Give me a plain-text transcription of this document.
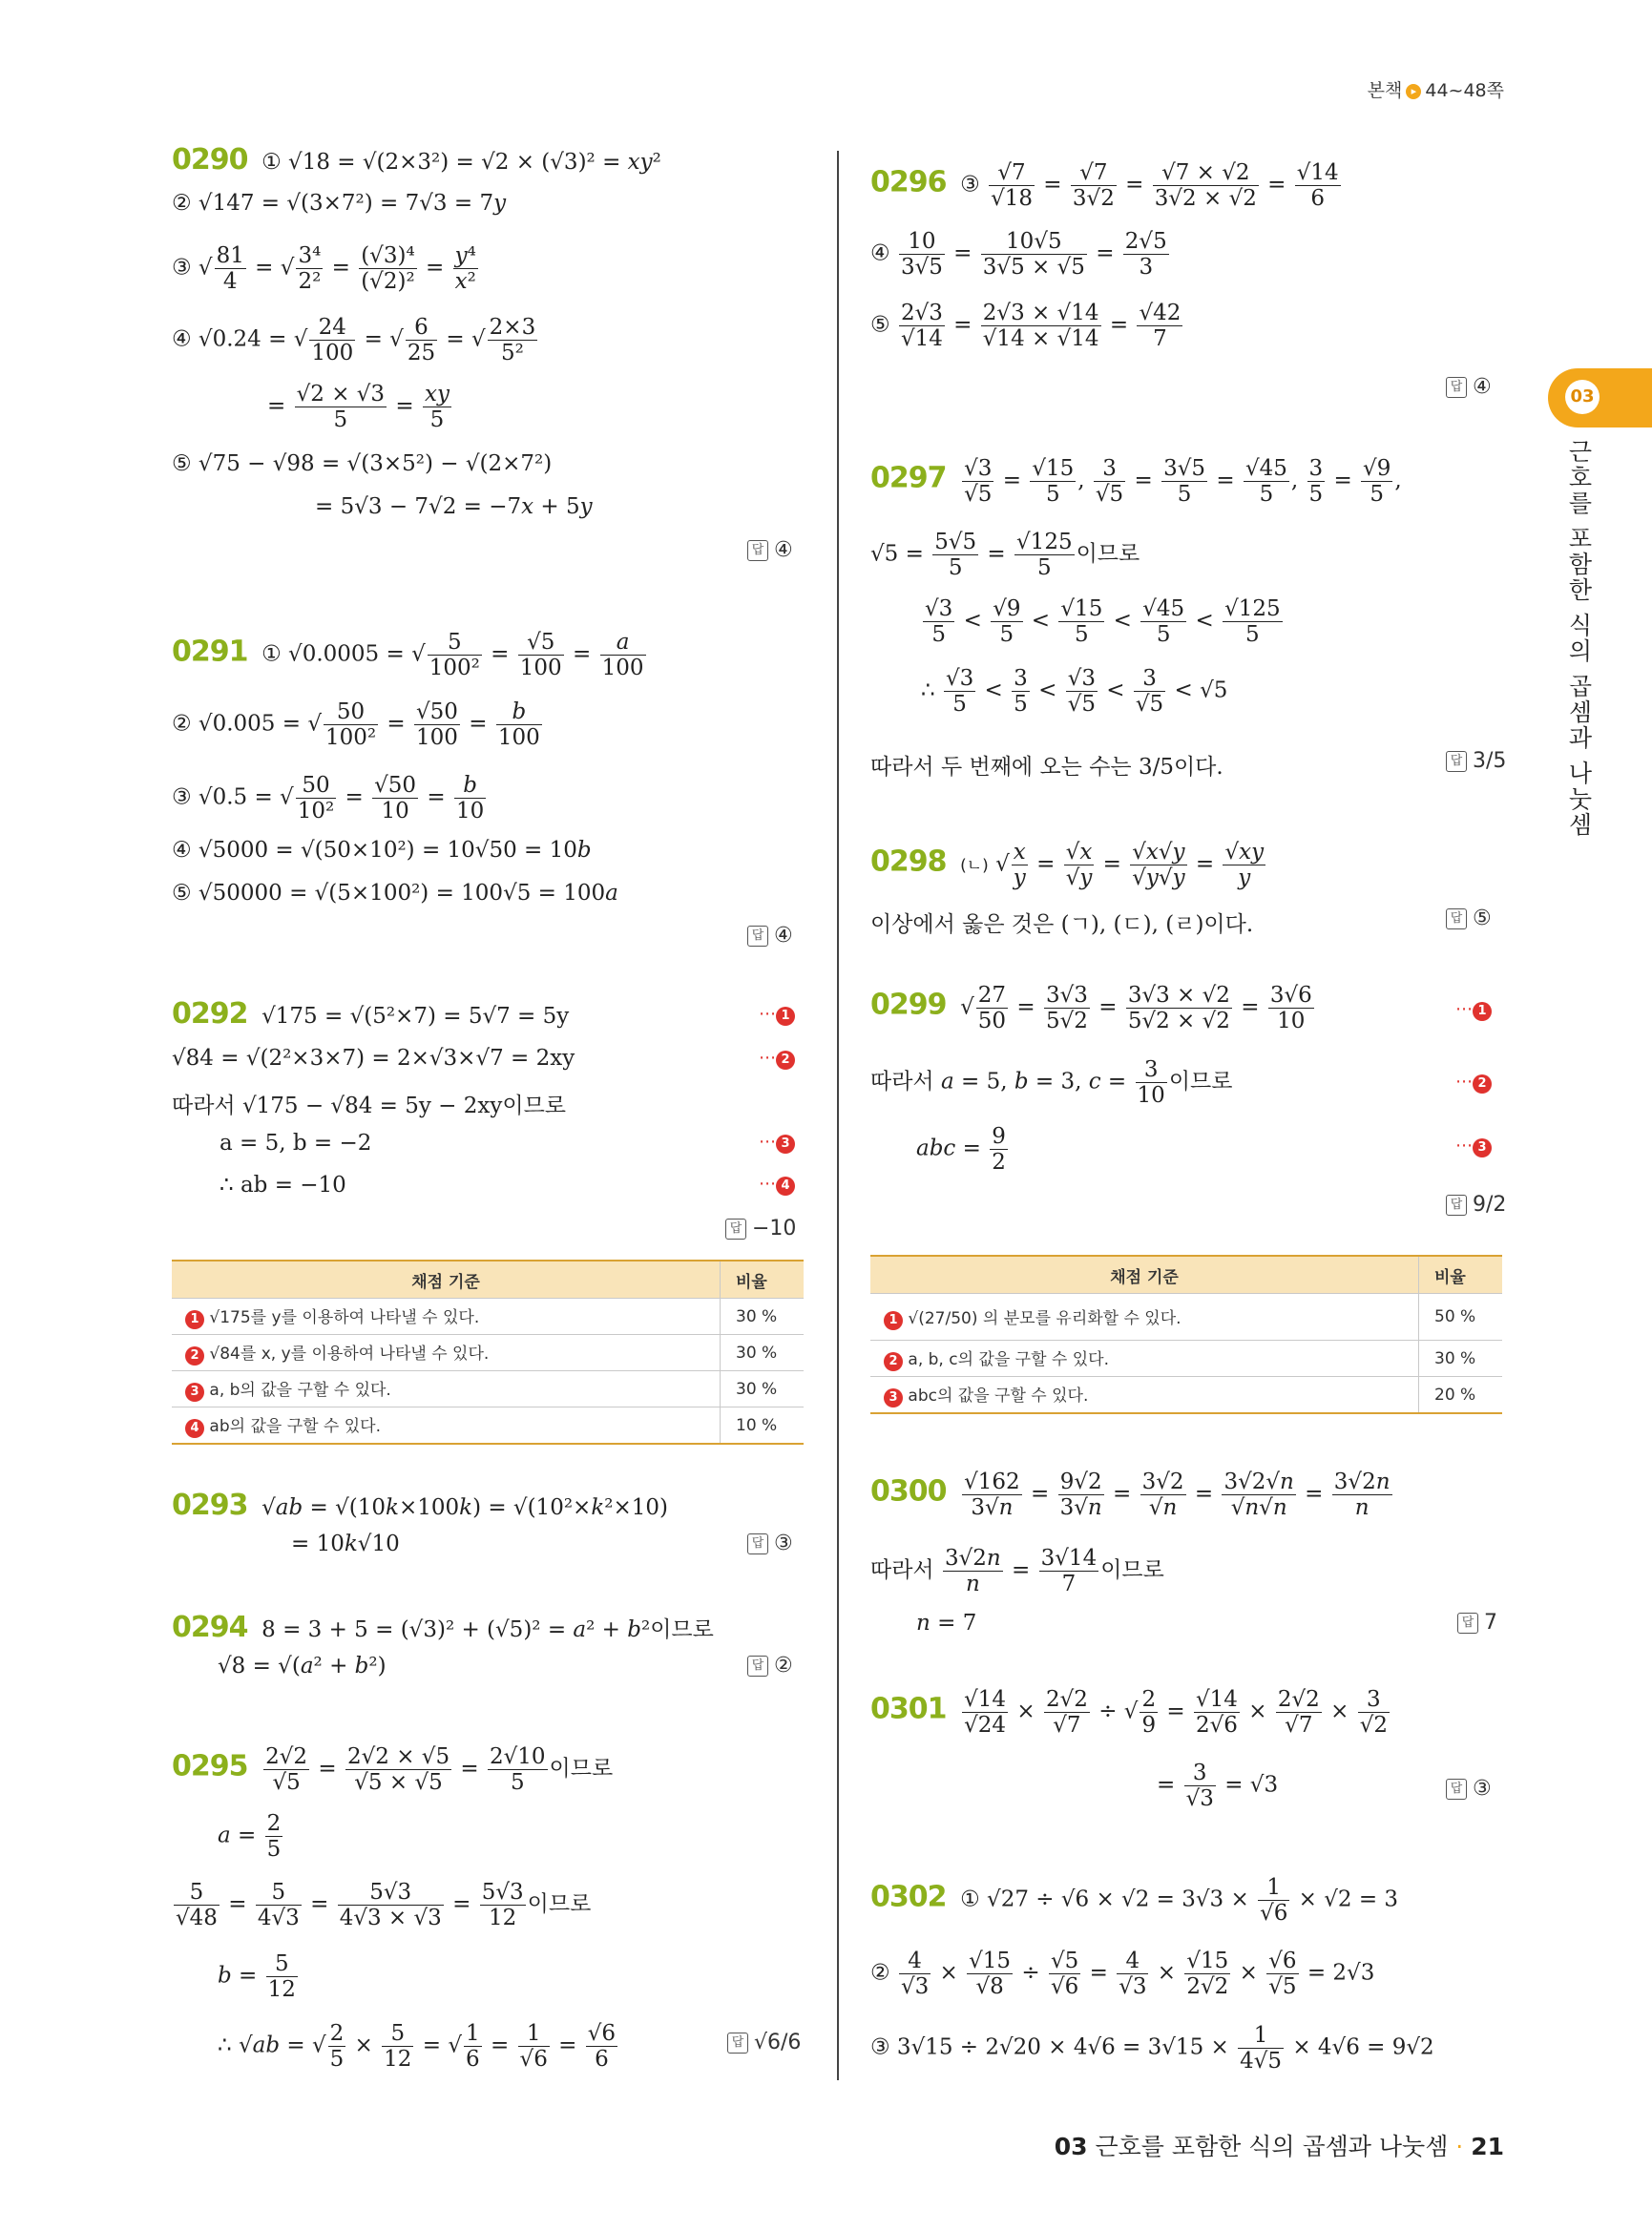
본책 ▸ 44~48쪽
03
근호를 포함한 식의 곱셈과 나눗셈
0290  ① √18 = √(2×3²) = √2 × (√3)² = xy²
② √147 = √(3×7²) = 7√3 = 7y
③ √ $\frac{81}{4}$ = √ $\frac{\text{3⁴}}{\text{2²}} = \frac{\text{(√3)⁴}}{\text{(√2)²}} = \frac{\text{y⁴}}{\text{x²}}$
④ √0.24 = √ $\frac{24}{100}$ = √ $\frac{6}{25}$ = √ $\frac{2\times 3}{\text{5²}}$
= $\frac{√2 \times √3}{5} = \frac{xy}{5}$
⑤ √75 − √98 = √(3×5²) − √(2×7²)
= 5√3 − 7√2 = −7x + 5y
답 ④
0291  ① √0.0005 = √ $\frac{5}{\text{100²}} = \frac{√5}{100} = \frac{a}{100}$
② √0.005 = √ $\frac{50}{\text{100²}} = \frac{√50}{100} = \frac{b}{100}$
③ √0.5 = √ $\frac{50}{\text{10²}} = \frac{√50}{10} = \frac{b}{10}$
④ √5000 = √(50×10²) = 10√50 = 10b
⑤ √50000 = √(5×100²) = 100√5 = 100a
답 ④
0292 √175 = √(5²×7) = 5√7 = 5y
√84 = √(2²×3×7) = 2×√3×√7 = 2xy
따라서 √175 − √84 = 5y − 2xy이므로
a = 5, b = −2
∴ ab = −10
⋯ 1
⋯ 2
⋯ 3
⋯ 4
답 −10
채점 기준	비율
1 √175를 y를 이용하여 나타낼 수 있다.	30 %
2 √84를 x, y를 이용하여 나타낼 수 있다.	30 %
3 a, b의 값을 구할 수 있다.	30 %
4 ab의 값을 구할 수 있다.	10 %
0293  √ab = √(10k×100k) = √(10²×k²×10)
= 10k√10	답 ③
0294  8 = 3 + 5 = (√3)² + (√5)² = a² + b²이므로
√8 = √(a² + b²)	답 ②
$0295 \frac{2√2}{√5} = \frac{2√2 \times √5}{√5 \times √5} = \frac{2√10}{5}$ 이므로
$a = \frac{2}{5}$
$\frac{5}{√48} = \frac{5}{4√3} = \frac{5√3}{4√3 \times √3} = \frac{5√3}{12}$ 이므로
$b = \frac{5}{12}$
∴ √ab = √ $\frac{2}{5} \times \frac{5}{12}$ = √ $\frac{1}{6} = \frac{1}{√6} = \frac{√6}{6}$	답 √6/6
0296  ③ $\frac{√7}{√18} = \frac{√7}{3√2} = \frac{√7 \times √2}{3√2 \times √2} = \frac{√14}{6}$
④ $\frac{10}{3√5} = \frac{10√5}{3√5 \times √5} = \frac{2√5}{3}$
⑤ $\frac{2√3}{√14} = \frac{2√3 \times √14}{√14 \times √14} = \frac{√42}{7}$
답 ④
$0297 \frac{√3}{√5} = \frac{√15}{5}$ , $\frac{3}{√5} = \frac{3√5}{5} = \frac{√45}{5}$ , $\frac{3}{5} = \frac{√9}{5}$ ,
$√5 = \frac{5√5}{5} = \frac{√125}{5}$ 이므로
$\frac{√3}{5} < \frac{√9}{5} < \frac{√15}{5} < \frac{√45}{5} < \frac{√125}{5}$
∴ $\frac{√3}{5} < \frac{3}{5} < \frac{√3}{√5} < \frac{3}{√5} < √5$
따라서 두 번째에 오는 수는 3/5이다.	답 3/5
0298 (ㄴ) √ $\frac{x}{y} = \frac{√x}{√y} = \frac{√x√y}{√y√y} = \frac{√xy}{y}$
이상에서 옳은 것은 (ㄱ), (ㄷ), (ㄹ)이다.	답 ⑤
0299  √ $\frac{27}{50} = \frac{3√3}{5√2} = \frac{3√3 \times √2}{5√2 \times √2} = \frac{3√6}{10}$
따라서 a = 5, b = 3, $c = \frac{3}{10}$ 이므로
abc = $\frac{9}{2}$
⋯ 1
⋯ 2
⋯ 3
답 9/2
채점 기준	비율
1 √(27/50) 의 분모를 유리화할 수 있다.	50 %
2 a, b, c의 값을 구할 수 있다.	30 %
3 abc의 값을 구할 수 있다.	20 %
$0300 \frac{√162}{3√n} = \frac{9√2}{3√n} = \frac{3√2}{√n} = \frac{3√2√n}{√n√n} = \frac{3√2n}{n}$
따라서 $\frac{3√2n}{n} = \frac{3√14}{7}$ 이므로
n = 7	답 7
$0301 \frac{√14}{√24} \times \frac{2√2}{√7}$ ÷ √ $\frac{2}{9} = \frac{√14}{2√6} \times \frac{2√2}{√7} \times \frac{3}{√2}$
= $\frac{3}{√3} = √3$	답 ③
0302  ① $√27 \div √6 \times √2 = 3√3 \times \frac{1}{√6} \times √2 = 3$
② $\frac{4}{√3} \times \frac{√15}{√8} \div \frac{√5}{√6} = \frac{4}{√3} \times \frac{√15}{2√2} \times \frac{√6}{√5} = 2√3$
③ $3√15 \div 2√20 \times 4√6 = 3√15 \times \frac{1}{4√5} \times 4√6 = 9√2$
03 근호를 포함한 식의 곱셈과 나눗셈 · 21
